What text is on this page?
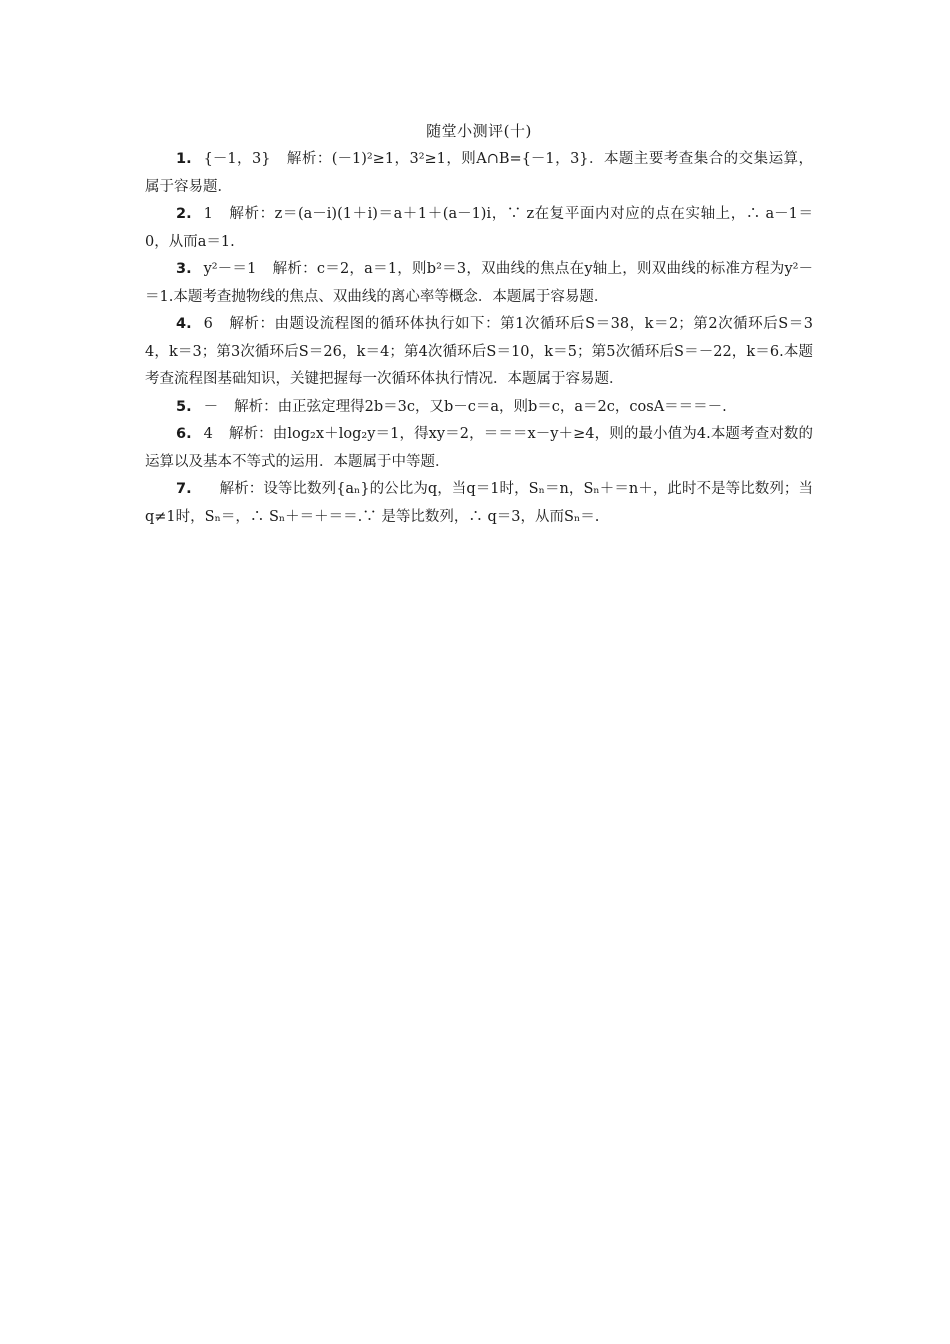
随堂小测评(十)

1. {－1，3} 解析：(－1)²≥1，3²≥1，则A∩B={－1，3}．本题主要考查集合的交集运算，属于容易题．

2. 1 解析：z＝(a－i)(1＋i)＝a＋1＋(a－1)i，∵ z在复平面内对应的点在实轴上，∴ a－1＝0，从而a＝1.

3. y²－＝1 解析：c＝2，a＝1，则b²＝3，双曲线的焦点在y轴上，则双曲线的标准方程为y²－＝1.本题考查抛物线的焦点、双曲线的离心率等概念．本题属于容易题．

4. 6 解析：由题设流程图的循环体执行如下：第1次循环后S＝38，k＝2；第2次循环后S＝34，k＝3；第3次循环后S＝26，k＝4；第4次循环后S＝10，k＝5；第5次循环后S＝－22，k＝6.本题考查流程图基础知识，关键把握每一次循环体执行情况．本题属于容易题．

5. － 解析：由正弦定理得2b＝3c，又b－c＝a，则b＝c，a＝2c，cosA＝＝＝－.

6. 4 解析：由log₂x＋log₂y＝1，得xy＝2，＝＝＝x－y＋≥4，则的最小值为4.本题考查对数的运算以及基本不等式的运用．本题属于中等题．

7. 解析：设等比数列{aₙ}的公比为q，当q＝1时，Sₙ＝n，Sₙ＋＝n＋，此时不是等比数列；当q≠1时，Sₙ＝，∴ Sₙ＋＝＋＝＝.∵ 是等比数列，∴ q＝3，从而Sₙ＝.
